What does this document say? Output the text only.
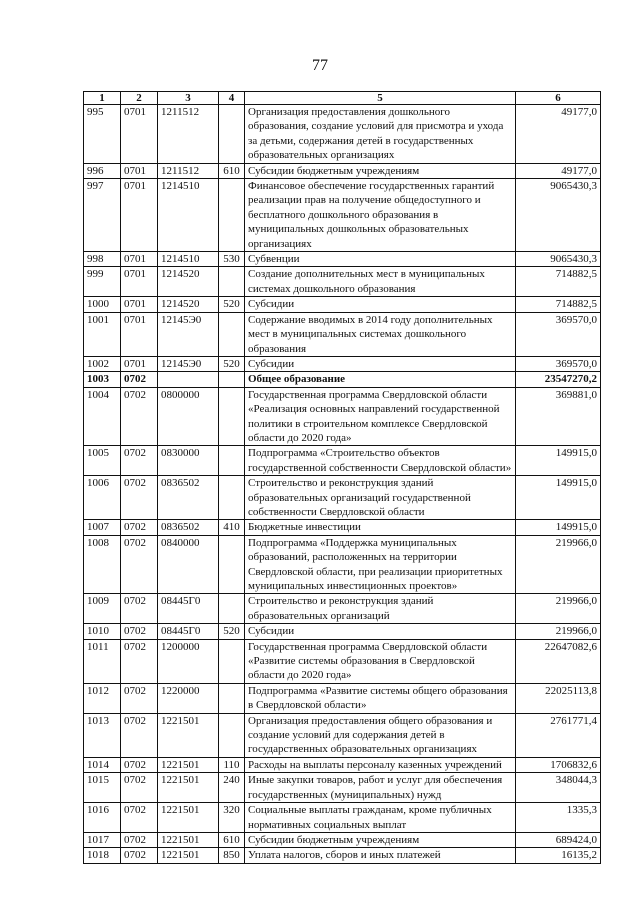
77
1	2	3	4	5	6
995	0701	1211512		Организация предоставления дошкольного образования, создание условий для присмотра и ухода за детьми, содержания детей в государственных образовательных организациях	49177,0
996	0701	1211512	610	Субсидии бюджетным учреждениям	49177,0
997	0701	1214510		Финансовое обеспечение государственных гарантий реализации прав на получение общедоступного и бесплатного дошкольного образования в муниципальных дошкольных образовательных организациях	9065430,3
998	0701	1214510	530	Субвенции	9065430,3
999	0701	1214520		Создание дополнительных мест в муниципальных системах дошкольного образования	714882,5
1000	0701	1214520	520	Субсидии	714882,5
1001	0701	12145Э0		Содержание вводимых в 2014 году дополнительных мест в муниципальных системах дошкольного образования	369570,0
1002	0701	12145Э0	520	Субсидии	369570,0
1003	0702			Общее образование	23547270,2
1004	0702	0800000		Государственная программа Свердловской области «Реализация основных направлений государственной политики в строительном комплексе Свердловской области до 2020 года»	369881,0
1005	0702	0830000		Подпрограмма «Строительство объектов государственной собственности Свердловской области»	149915,0
1006	0702	0836502		Строительство и реконструкция зданий образовательных организаций государственной собственности Свердловской области	149915,0
1007	0702	0836502	410	Бюджетные инвестиции	149915,0
1008	0702	0840000		Подпрограмма «Поддержка муниципальных образований, расположенных на территории Свердловской области, при реализации приоритетных муниципальных инвестиционных проектов»	219966,0
1009	0702	08445Г0		Строительство и реконструкция зданий образовательных организаций	219966,0
1010	0702	08445Г0	520	Субсидии	219966,0
1011	0702	1200000		Государственная программа Свердловской области «Развитие системы образования в Свердловской области до 2020 года»	22647082,6
1012	0702	1220000		Подпрограмма «Развитие системы общего образования в Свердловской области»	22025113,8
1013	0702	1221501		Организация предоставления общего образования и создание условий для содержания детей в государственных образовательных организациях	2761771,4
1014	0702	1221501	110	Расходы на выплаты персоналу казенных учреждений	1706832,6
1015	0702	1221501	240	Иные закупки товаров, работ и услуг для обеспечения государственных (муниципальных) нужд	348044,3
1016	0702	1221501	320	Социальные выплаты гражданам, кроме публичных нормативных социальных выплат	1335,3
1017	0702	1221501	610	Субсидии бюджетным учреждениям	689424,0
1018	0702	1221501	850	Уплата налогов, сборов и иных платежей	16135,2
